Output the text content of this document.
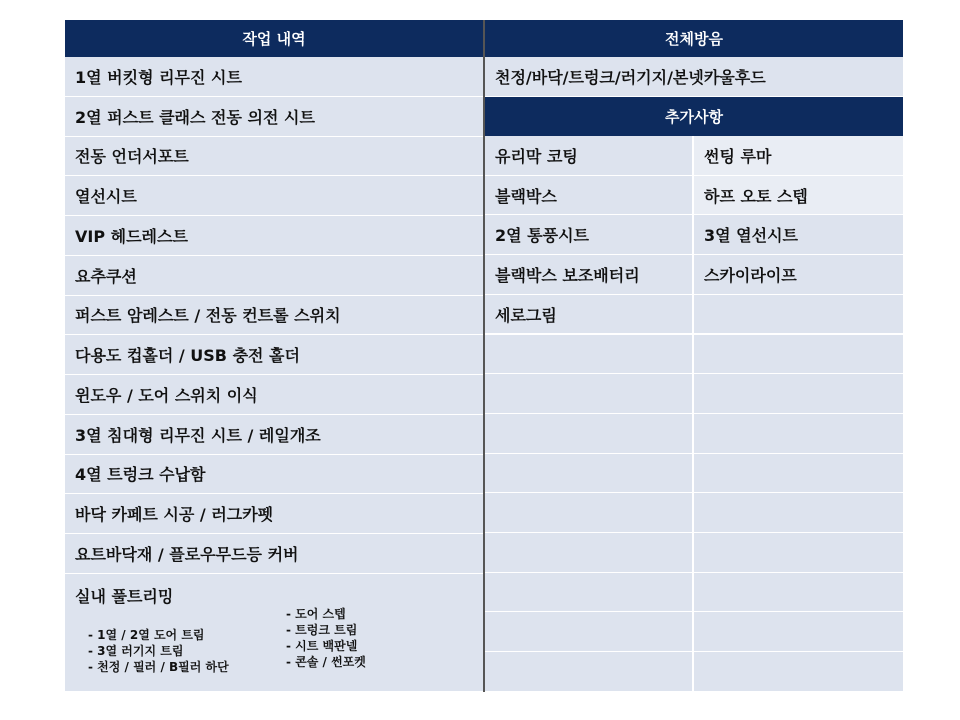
작업 내역
1열 버킷형 리무진 시트
2열 퍼스트 클래스 전동 의전 시트
전동 언더서포트
열선시트
VIP 헤드레스트
요추쿠션
퍼스트 암레스트 / 전동 컨트롤 스위치
다용도 컵홀더 / USB 충전 홀더
윈도우 / 도어 스위치 이식
3열 침대형 리무진 시트 / 레일개조
4열 트렁크 수납함
바닥 카페트 시공 / 러그카펫
요트바닥재 / 플로우무드등 커버
전체방음
천정/바닥/트렁크/러기지/본넷카울후드
추가사항
유리막 코팅	썬팅 루마
블랙박스	하프 오토 스텝
2열 통풍시트	3열 열선시트
블랙박스 보조배터리	스카이라이프
세로그림
실내 풀트리밍
- 1열 / 2열 도어 트림
- 3열 러기지 트림
- 천정 / 필러 / B필러 하단
- 도어 스텝
- 트렁크 트림
- 시트 백판넬
- 콘솔 / 썬포켓
